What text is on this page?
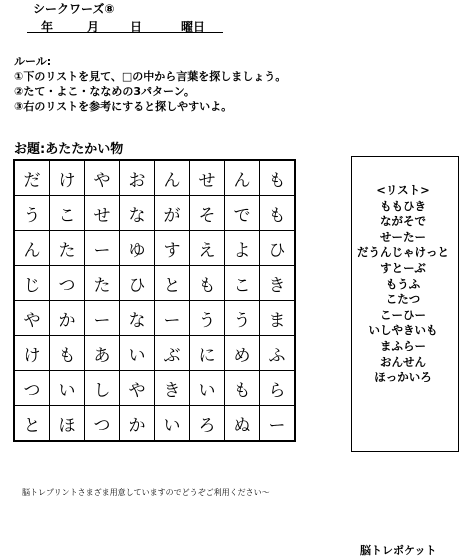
シークワーズ⑧
年	月	日	曜日
ルール:
①下のリストを見て、□の中から言葉を探しましょう。
②たて・よこ・ななめの3パターン。
③右のリストを参考にすると探しやすいよ。
お題:あたたかい物
だ	け	や	お	ん	せ	ん	も
う	こ	せ	な	が	そ	で	も
ん	た	ー	ゆ	す	え	よ	ひ
じ	つ	た	ひ	と	も	こ	き
や	か	ー	な	ー	う	う	ま
け	も	あ	い	ぶ	に	め	ふ
つ	い	し	や	き	い	も	ら
と	ほ	つ	か	い	ろ	ぬ	ー
<リスト>
ももひき
ながそで
せーたー
だうんじゃけっと
すとーぶ
もうふ
こたつ
こーひー
いしやきいも
まふらー
おんせん
ほっかいろ
脳トレプリントさまざま用意していますのでどうぞご利用ください～
脳トレポケット
